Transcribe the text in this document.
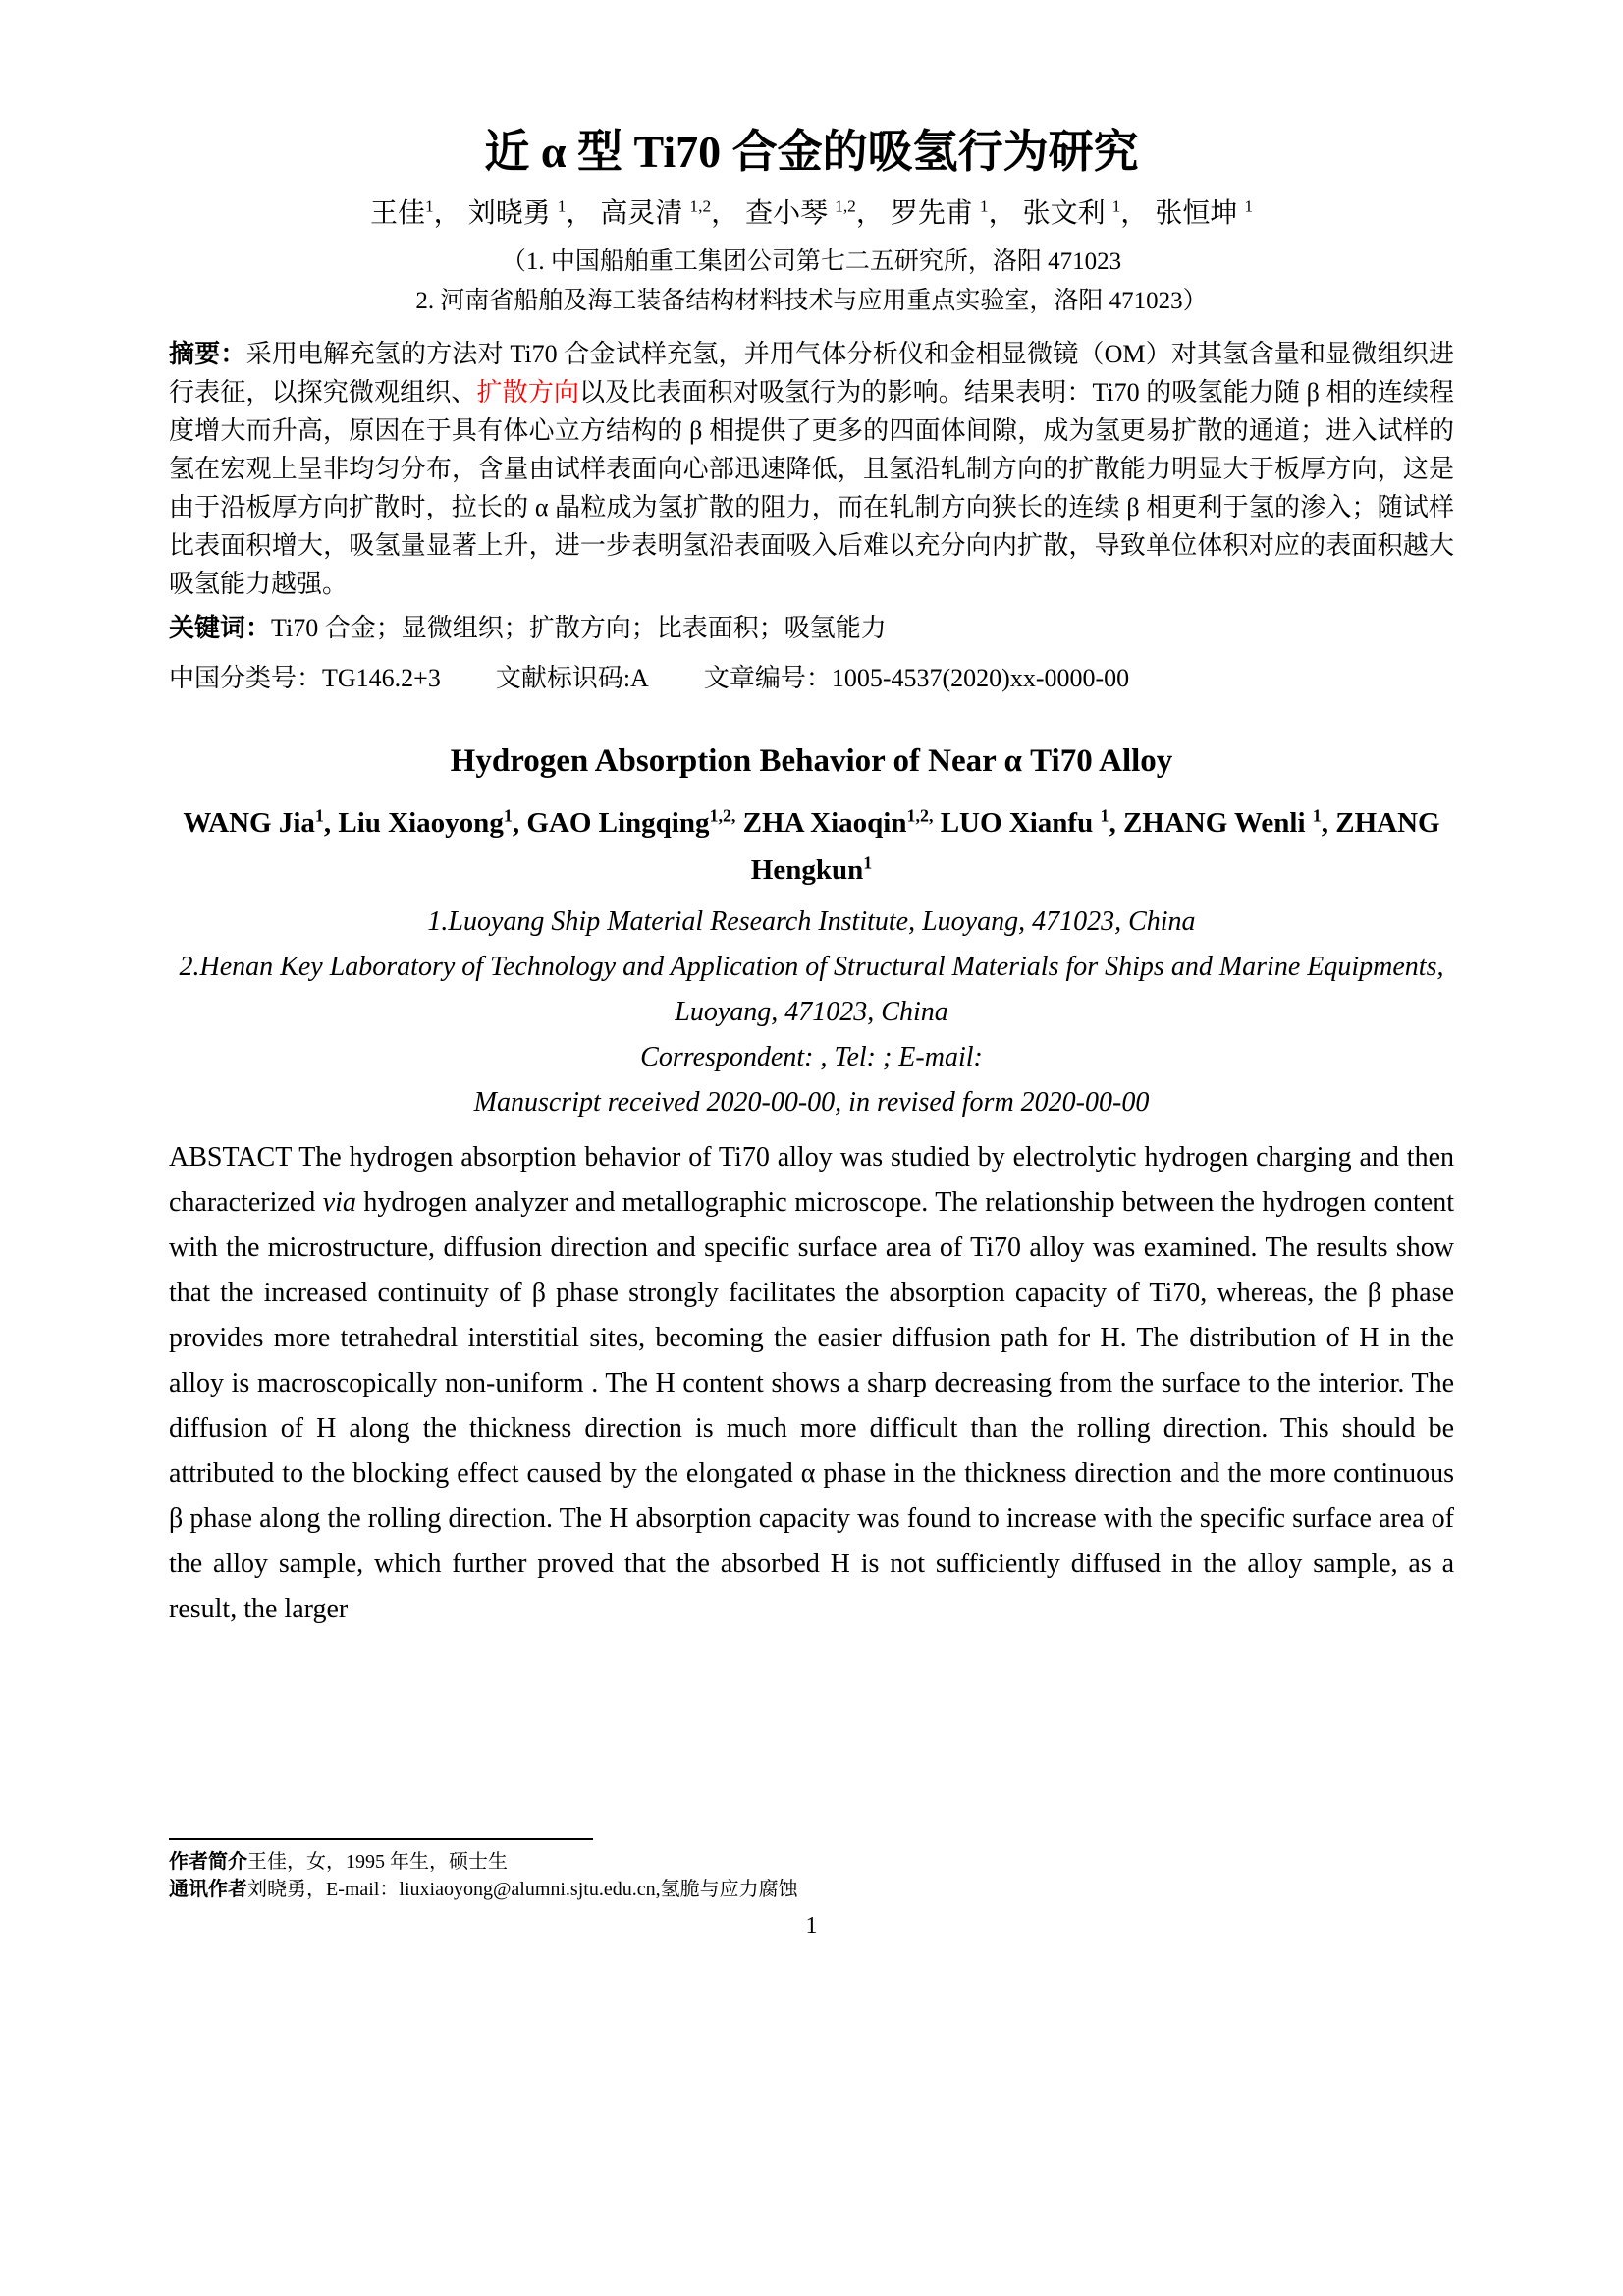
近 α 型 Ti70 合金的吸氢行为研究
王佳$^1$， 刘晓勇 $^1$， 高灵清 $^{1,2}$， 查小琴 $^{1,2}$， 罗先甫 $^1$， 张文利 $^1$， 张恒坤 $^1$
（1. 中国船舶重工集团公司第七二五研究所，洛阳 471023
2. 河南省船舶及海工装备结构材料技术与应用重点实验室，洛阳 471023）

摘要：采用电解充氢的方法对 Ti70 合金试样充氢，并用气体分析仪和金相显微镜（OM）对其氢含量和显微组织进行表征，以探究微观组织、扩散方向以及比表面积对吸氢行为的影响。结果表明：Ti70 的吸氢能力随 β 相的连续程度增大而升高，原因在于具有体心立方结构的 β 相提供了更多的四面体间隙，成为氢更易扩散的通道；进入试样的氢在宏观上呈非均匀分布，含量由试样表面向心部迅速降低，且氢沿轧制方向的扩散能力明显大于板厚方向，这是由于沿板厚方向扩散时，拉长的 α 晶粒成为氢扩散的阻力，而在轧制方向狭长的连续 β 相更利于氢的渗入；随试样比表面积增大，吸氢量显著上升，进一步表明氢沿表面吸入后难以充分向内扩散，导致单位体积对应的表面积越大吸氢能力越强。

关键词：Ti70 合金；显微组织；扩散方向；比表面积；吸氢能力

中国分类号：TG146.2+3 文献标识码:A 文章编号：1005-4537(2020)xx-0000-00

Hydrogen Absorption Behavior of Near α Ti70 Alloy
WANG Jia$^1$, Liu Xiaoyong$^1$, GAO Lingqing$^{1,2,}$ ZHA Xiaoqin$^{1,2,}$ LUO Xianfu $^1$, ZHANG Wenli $^1$, ZHANG Hengkun$^1$
1.Luoyang Ship Material Research Institute, Luoyang, 471023, China
2.Henan Key Laboratory of Technology and Application of Structural Materials for Ships and Marine Equipments, Luoyang, 471023, China
Correspondent: , Tel: ; E-mail:
Manuscript received 2020-00-00, in revised form 2020-00-00

ABSTACT The hydrogen absorption behavior of Ti70 alloy was studied by electrolytic hydrogen charging and then characterized via hydrogen analyzer and metallographic microscope. The relationship between the hydrogen content with the microstructure, diffusion direction and specific surface area of Ti70 alloy was examined. The results show that the increased continuity of β phase strongly facilitates the absorption capacity of Ti70, whereas, the β phase provides more tetrahedral interstitial sites, becoming the easier diffusion path for H. The distribution of H in the alloy is macroscopically non-uniform . The H content shows a sharp decreasing from the surface to the interior. The diffusion of H along the thickness direction is much more difficult than the rolling direction. This should be attributed to the blocking effect caused by the elongated α phase in the thickness direction and the more continuous β phase along the rolling direction. The H absorption capacity was found to increase with the specific surface area of the alloy sample, which further proved that the absorbed H is not sufficiently diffused in the alloy sample, as a result, the larger

作者简介王佳，女，1995 年生，硕士生
通讯作者刘晓勇，E-mail：liuxiaoyong@alumni.sjtu.edu.cn,氢脆与应力腐蚀
1
